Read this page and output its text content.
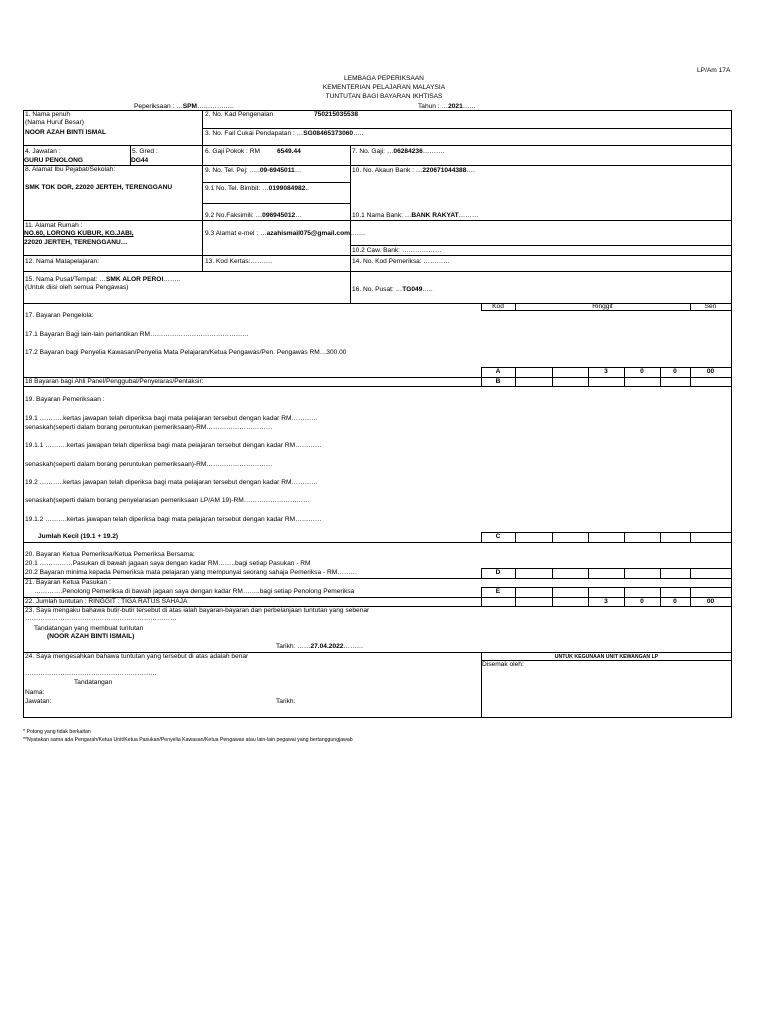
LP/Am 17A
LEMBAGA PEPERIKSAAN
KEMENTERIAN PELAJARAN MALAYSIA
TUNTUTAN BAGI BAYARAN IKHTISAS
Peperiksaan : …SPM……………..	Tahun : …2021……
1. Nama penuh
(Nama Huruf Besar)
NOOR AZAH BINTI ISMAL
2. No. Kad Pengenalan	750215035538
3. No. Fail Cukai Pendapatan : …SG08465373060…..
4. Jawatan :
GURU PENOLONG
5. Gred :
DG44
6. Gaji Pokok : RM	6549.44	7. No. Gaji: …06284236……….
8. Alamat Ibu Pejabat/Sekolah:
SMK TOK DOR, 22020 JERTEH, TERENGGANU
9. No. Tel. Pej: …..09-6945011…
9.1 No. Tel. Bimbit: …0199084982..
9.2 No.Faksimili: …096945012…
10. No. Akaun Bank : …220671044388….
10.1 Nama Bank: …BANK RAKYAT………
11. Alamat Rumah :
NO.60, LORONG KUBUR, KG.JABI,
22020 JERTEH, TERENGGANU…
9.3 Alamat e-mel : …azahismail075@gmail.com…….
10.2 Caw. Bank: ………………
12. Nama Matapelajaran:	13. Kod Kertas:……….	14. No. Kod Pemeriksa: …………
15. Nama Pusat/Tempat: …SMK ALOR PEROI……..
(Untuk diisi oleh semua Pengawas)	16. No. Pusat: …TG049…..
Kod	Ringgit	Sen
17. Bayaran Pengelola:
17.1 Bayaran Bagi lain-lain perlantikan RM………………………………………
17.2 Bayaran bagi Penyelia Kawasan/Penyelia Mata Pelajaran/Ketua Pengawas/Pen. Pengawas RM…300.00
A	3	0	0	00
18 Bayaran bagi Ahli Panel/Penggubal/Penyelaras/Pentaksir:	B
19. Bayaran Pemeriksaan :
19.1 ………..kertas jawapan telah diperiksa bagi mata pelajaran tersebut dengan kadar RM…………
senaskah(seperti dalam borang peruntukan pemeriksaan)-RM…………………………
19.1.1 ……….kertas jawapan telah diperiksa bagi mata pelajaran tersebut dengan kadar RM…………
senaskah(seperti dalam borang peruntukan pemeriksaan)-RM…………………………
19.2 ………..kertas jawapan telah diperiksa bagi mata pelajaran tersebut dengan kadar RM…………
senaskah(seperti dalam borang penyelarasan pemeriksaan LP/AM 19)-RM…………………………
19.1.2 ……….kertas jawapan telah diperiksa bagi mata pelajaran tersebut dengan kadar RM…………
Jumlah Kecil (19.1 + 19.2)	C
20. Bayaran Ketua Pemeriksa/Ketua Pemeriksa Bersama:
20.1 ……………Pasukan di bawah jagaan saya dengan kadar RM……..bagi setiap Pasukan - RM
20.2 Bayaran minima kepada Pemeriksa mata pelajaran yang mempunyai seorang sahaja Pemeriksa - RM………	D
21. Bayaran Ketua Pasukan :
………….Penolong Pemeriksa di bawah jagaan saya dengan kadar RM……..bagi setiap Penolong Pemeriksa	E
22. Jumlah tuntutan : RINGGIT : TIGA RATUS SAHAJA	3	0	0	00
23. Saya mengaku bahawa butir-butir tersebut di atas ialah bayaran-bayaran dan perbelanjaan tuntutan yang sebenar
……………………………………………………………
Tandatangan yang membuat tuntutan
(NOOR AZAH BINTI ISMAIL)
Tarikh: ……27.04.2022………
24. Saya mengesahkan bahawa tuntutan yang tersebut di atas adalah benar
……………………………………………………
Tandatangan
Nama:
Jawatan:	Tarikh:
UNTUK KEGUNAAN UNIT KEWANGAN LP
Disemak oleh:
* Potong yang tidak berkaitan
**Nyatakan sama ada Pengarah/Ketua Unit/Ketua Pasukan/Penyelia Kawasan/Ketua Pengawas atau lain-lain pegawai yang bertanggungjawab
